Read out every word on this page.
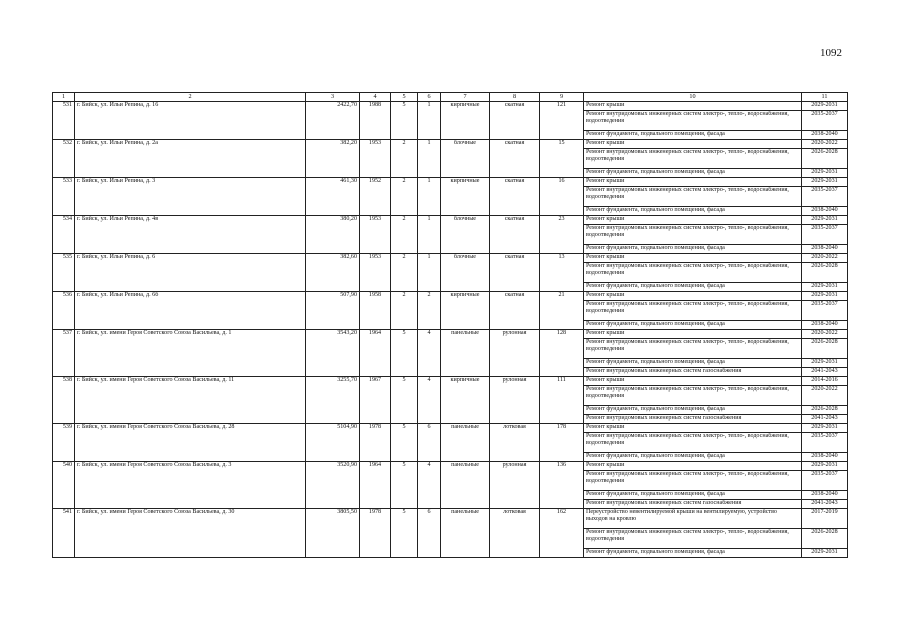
1092
1	2	3	4	5	6	7	8	9	10	11
531	г. Бийск, ул. Ильи Репина, д. 16	2422,70	1988	5	1	кирпичные	скатная	121	Ремонт крыши	2029-2031
									Ремонт внутридомовых инженерных систем электро-, тепло-, водоснабжения, водоотведения	2035-2037
									Ремонт фундамента, подвального помещения, фасада	2038-2040
532	г. Бийск, ул. Ильи Репина, д. 2а	382,20	1953	2	1	блочные	скатная	15	Ремонт крыши	2020-2022
									Ремонт внутридомовых инженерных систем электро-, тепло-, водоснабжения, водоотведения	2026-2028
									Ремонт фундамента, подвального помещения, фасада	2029-2031
533	г. Бийск, ул. Ильи Репина, д. 3	461,30	1952	2	1	кирпичные	скатная	16	Ремонт крыши	2029-2031
									Ремонт внутридомовых инженерных систем электро-, тепло-, водоснабжения, водоотведения	2035-2037
									Ремонт фундамента, подвального помещения, фасада	2038-2040
534	г. Бийск, ул. Ильи Репина, д. 4в	380,20	1953	2	1	блочные	скатная	23	Ремонт крыши	2029-2031
									Ремонт внутридомовых инженерных систем электро-, тепло-, водоснабжения, водоотведения	2035-2037
									Ремонт фундамента, подвального помещения, фасада	2038-2040
535	г. Бийск, ул. Ильи Репина, д. 6	382,60	1953	2	1	блочные	скатная	13	Ремонт крыши	2020-2022
									Ремонт внутридомовых инженерных систем электро-, тепло-, водоснабжения, водоотведения	2026-2028
									Ремонт фундамента, подвального помещения, фасада	2029-2031
536	г. Бийск, ул. Ильи Репина, д. 6б	507,90	1958	2	2	кирпичные	скатная	21	Ремонт крыши	2029-2031
									Ремонт внутридомовых инженерных систем электро-, тепло-, водоснабжения, водоотведения	2035-2037
									Ремонт фундамента, подвального помещения, фасада	2038-2040
537	г. Бийск, ул. имени Героя Советского Союза Васильева, д. 1	3543,20	1964	5	4	панельные	рулонная	128	Ремонт крыши	2020-2022
									Ремонт внутридомовых инженерных систем электро-, тепло-, водоснабжения, водоотведения	2026-2028
									Ремонт фундамента, подвального помещения, фасада	2029-2031
									Ремонт внутридомовых инженерных систем газоснабжения	2041-2043
538	г. Бийск, ул. имени Героя Советского Союза Васильева, д. 11	3255,70	1967	5	4	кирпичные	рулонная	111	Ремонт крыши	2014-2016
									Ремонт внутридомовых инженерных систем электро-, тепло-, водоснабжения, водоотведения	2020-2022
									Ремонт фундамента, подвального помещения, фасада	2026-2028
									Ремонт внутридомовых инженерных систем газоснабжения	2041-2043
539	г. Бийск, ул. имени Героя Советского Союза Васильева, д. 28	5104,90	1978	5	6	панельные	лотковая	178	Ремонт крыши	2029-2031
									Ремонт внутридомовых инженерных систем электро-, тепло-, водоснабжения, водоотведения	2035-2037
									Ремонт фундамента, подвального помещения, фасада	2038-2040
540	г. Бийск, ул. имени Героя Советского Союза Васильева, д. 3	3520,90	1964	5	4	панельные	рулонная	136	Ремонт крыши	2029-2031
									Ремонт внутридомовых инженерных систем электро-, тепло-, водоснабжения, водоотведения	2035-2037
									Ремонт фундамента, подвального помещения, фасада	2038-2040
									Ремонт внутридомовых инженерных систем газоснабжения	2041-2043
541	г. Бийск, ул. имени Героя Советского Союза Васильева, д. 30	3805,50	1978	5	6	панельные	лотковая	162	Переустройство невентилируемой крыши на вентилируемую, устройство выходов на кровлю	2017-2019
									Ремонт внутридомовых инженерных систем электро-, тепло-, водоснабжения, водоотведения	2026-2028
									Ремонт фундамента, подвального помещения, фасада	2029-2031
